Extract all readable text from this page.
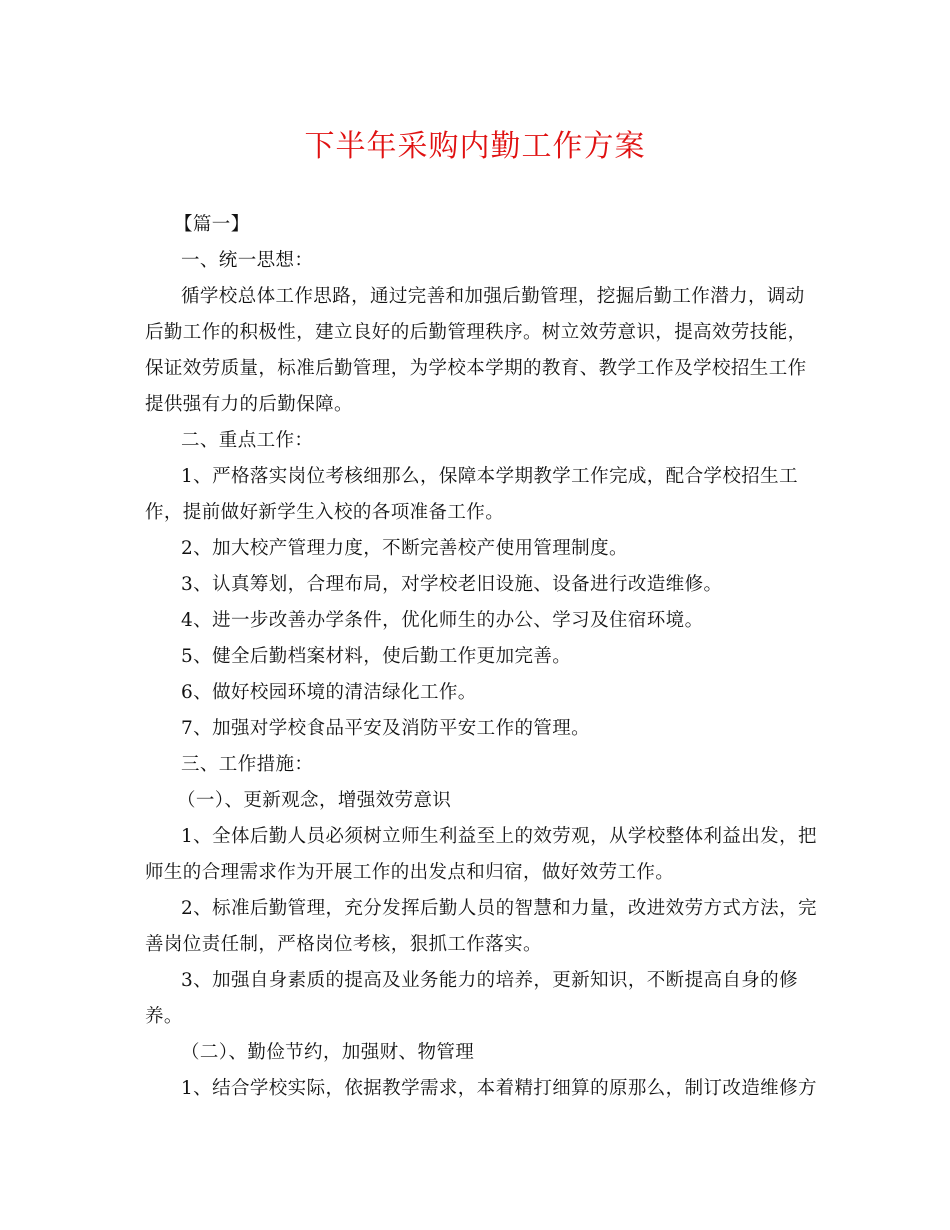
下半年采购内勤工作方案
【篇一】
一、统一思想：
循学校总体工作思路，通过完善和加强后勤管理，挖掘后勤工作潜力，调动
后勤工作的积极性，建立良好的后勤管理秩序。树立效劳意识，提高效劳技能，
保证效劳质量，标准后勤管理，为学校本学期的教育、教学工作及学校招生工作
提供强有力的后勤保障。
二、重点工作：
1、严格落实岗位考核细那么，保障本学期教学工作完成，配合学校招生工
作，提前做好新学生入校的各项准备工作。
2、加大校产管理力度，不断完善校产使用管理制度。
3、认真筹划，合理布局，对学校老旧设施、设备进行改造维修。
4、进一步改善办学条件，优化师生的办公、学习及住宿环境。
5、健全后勤档案材料，使后勤工作更加完善。
6、做好校园环境的清洁绿化工作。
7、加强对学校食品平安及消防平安工作的管理。
三、工作措施：
（一）、更新观念，增强效劳意识
1、全体后勤人员必须树立师生利益至上的效劳观，从学校整体利益出发，把
师生的合理需求作为开展工作的出发点和归宿，做好效劳工作。
2、标准后勤管理，充分发挥后勤人员的智慧和力量，改进效劳方式方法，完
善岗位责任制，严格岗位考核，狠抓工作落实。
3、加强自身素质的提高及业务能力的培养，更新知识，不断提高自身的修
养。
（二）、勤俭节约，加强财、物管理
1、结合学校实际，依据教学需求，本着精打细算的原那么，制订改造维修方
